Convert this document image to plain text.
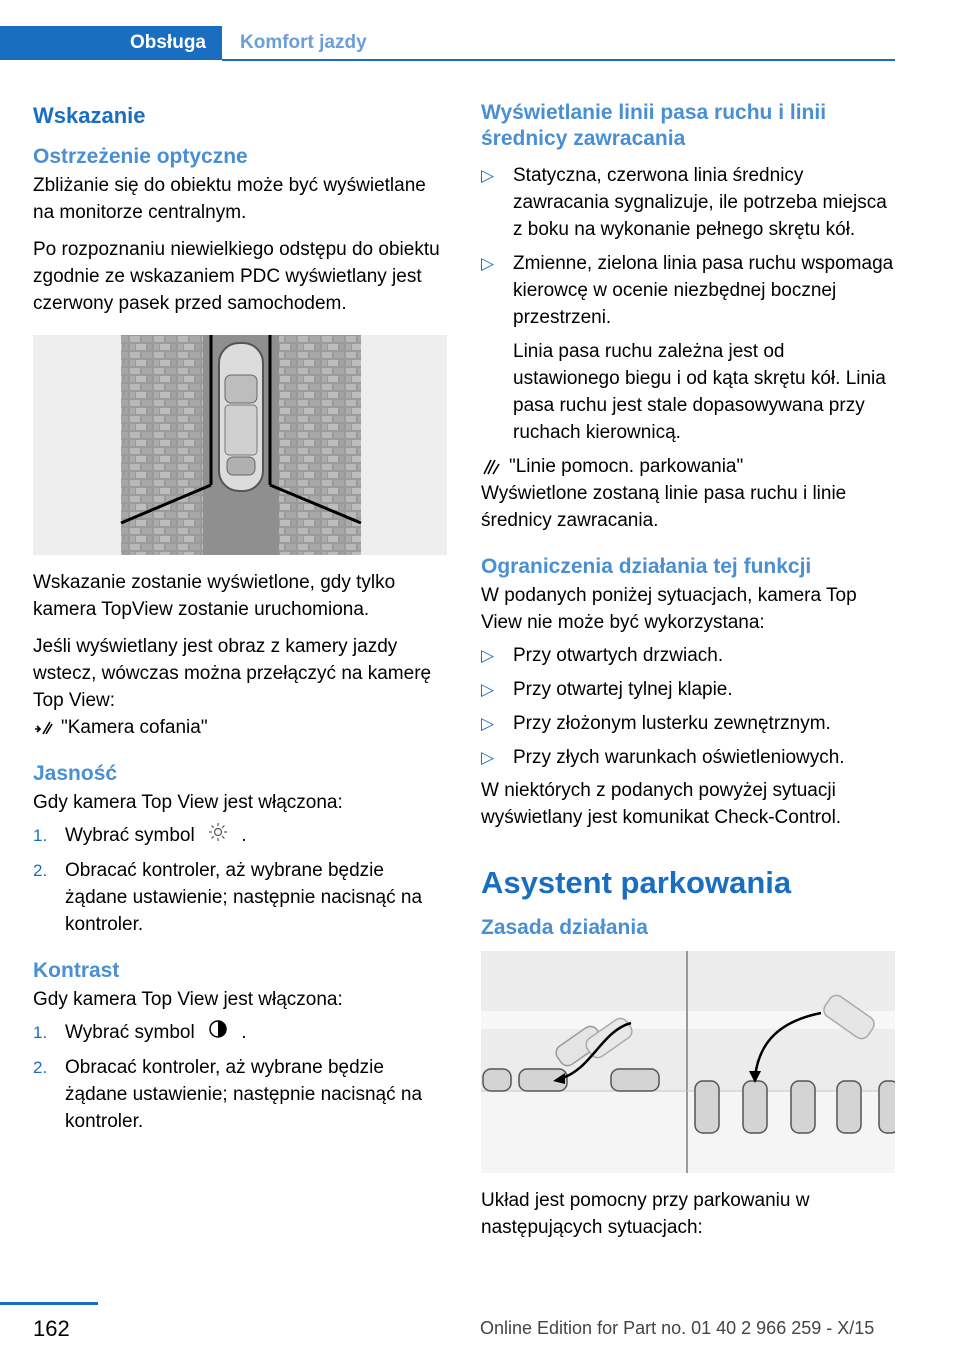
Obsługa	Komfort jazdy
Wskazanie
Ostrzeżenie optyczne

Zbliżanie się do obiektu może być wyświetlane na monitorze centralnym.

Po rozpoznaniu niewielkiego odstępu do obiektu zgodnie ze wskazaniem PDC wyświetlany jest czerwony pasek przed samochodem.

Wskazanie zostanie wyświetlone, gdy tylko kamera TopView zostanie uruchomiona.

Jeśli wyświetlany jest obraz z kamery jazdy wstecz, wówczas można przełączyć na kamerę Top View:

"Kamera cofania"
Jasność

Gdy kamera Top View jest włączona:

1. Wybrać symbol .
2. Obracać kontroler, aż wybrane będzie żądane ustawienie; następnie nacisnąć na kontroler.
Kontrast

Gdy kamera Top View jest włączona:

1. Wybrać symbol .
2. Obracać kontroler, aż wybrane będzie żądane ustawienie; następnie nacisnąć na kontroler.
Wyświetlanie linii pasa ruchu i linii średnicy zawracania
▷ Statyczna, czerwona linia średnicy zawracania sygnalizuje, ile potrzeba miejsca z boku na wykonanie pełnego skrętu kół.
▷ Zmienne, zielona linia pasa ruchu wspomaga kierowcę w ocenie niezbędnej bocznej przestrzeni.
Linia pasa ruchu zależna jest od ustawionego biegu i od kąta skrętu kół. Linia pasa ruchu jest stale dopasowywana przy ruchach kierownicą.
"Linie pomocn. parkowania"

Wyświetlone zostaną linie pasa ruchu i linie średnicy zawracania.

Ograniczenia działania tej funkcji

W podanych poniżej sytuacjach, kamera Top View nie może być wykorzystana:

▷ Przy otwartych drzwiach.
▷ Przy otwartej tylnej klapie.
▷ Przy złożonym lusterku zewnętrznym.
▷ Przy złych warunkach oświetleniowych.

W niektórych z podanych powyżej sytuacji wyświetlany jest komunikat Check-Control.

Asystent parkowania
Zasada działania

Układ jest pomocny przy parkowaniu w następujących sytuacjach:

162	Online Edition for Part no. 01 40 2 966 259 - X/15
